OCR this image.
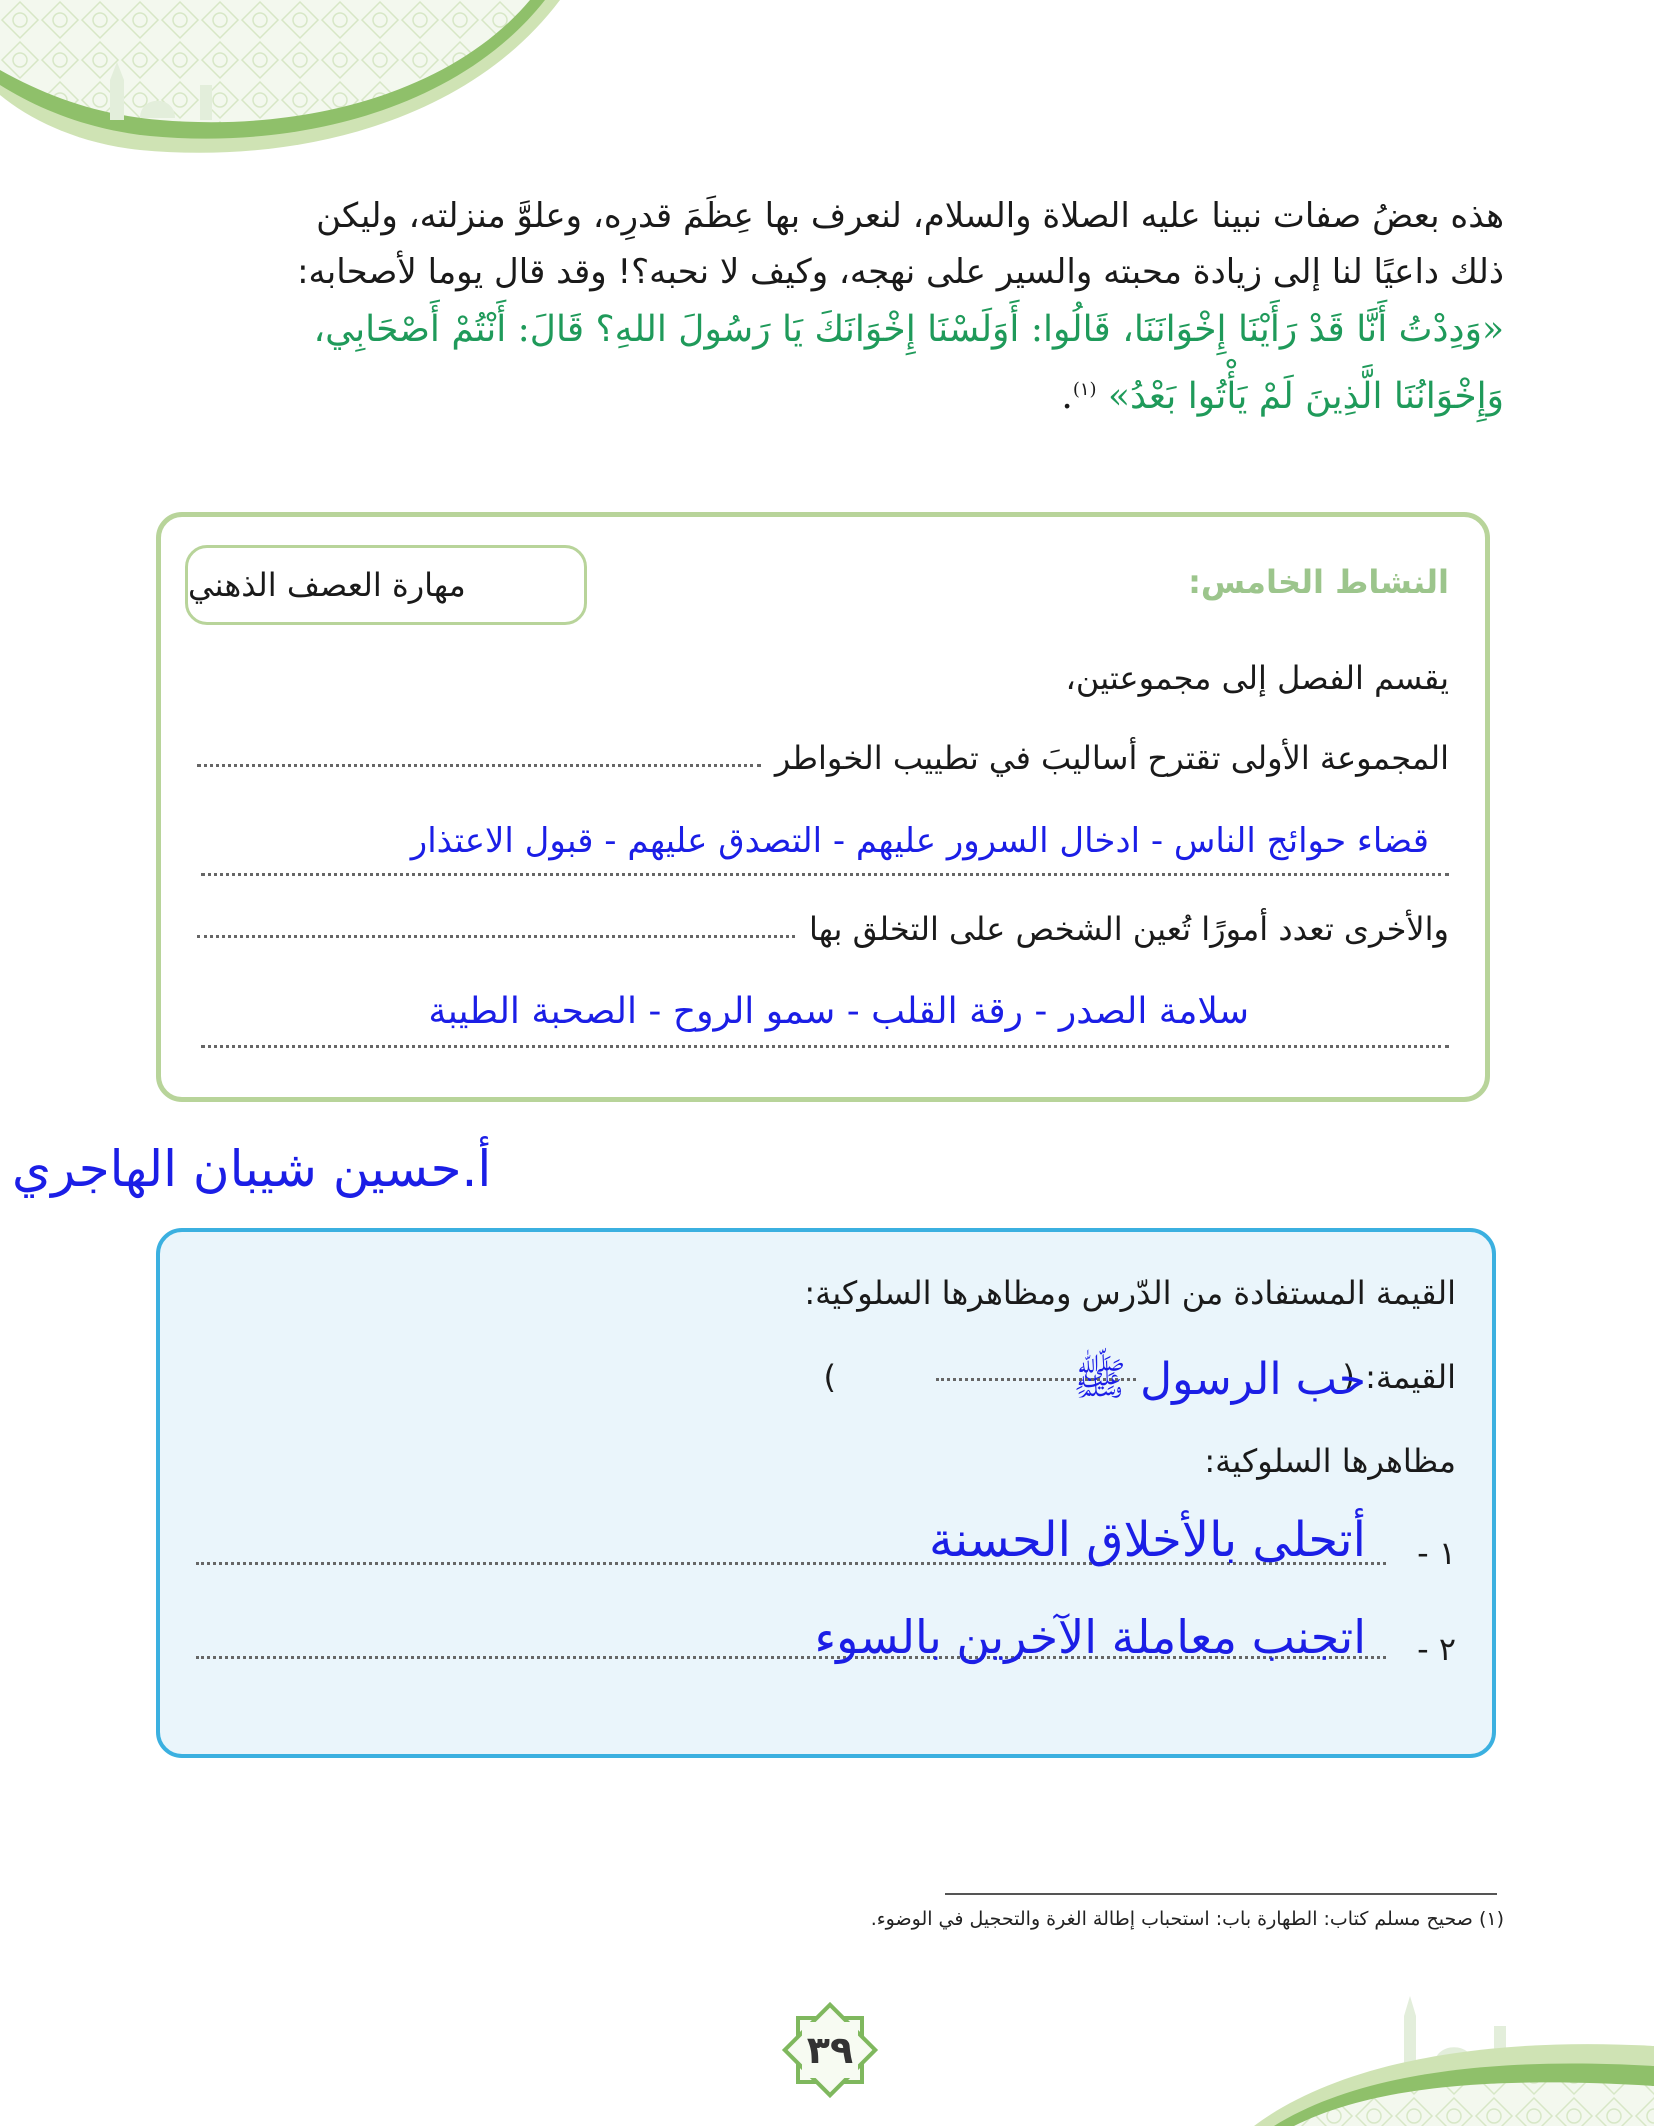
هذه بعضُ صفات نبينا عليه الصلاة والسلام، لنعرف بها عِظَمَ قدرِه، وعلوَّ منزلته، وليكن
ذلك داعيًا لنا إلى زيادة محبته والسير على نهجه، وكيف لا نحبه؟! وقد قال يوما لأصحابه:
«وَدِدْتُ أَنَّا قَدْ رَأَيْنَا إِخْوَانَنَا، قَالُوا: أَوَلَسْنَا إِخْوَانَكَ يَا رَسُولَ اللهِ؟ قَالَ: أَنْتُمْ أَصْحَابِي،
وَإِخْوَانُنَا الَّذِينَ لَمْ يَأْتُوا بَعْدُ» $^{(١)}$.
النشاط الخامس:
مهارة العصف الذهني
يقسم الفصل إلى مجموعتين،
المجموعة الأولى تقترح أساليبَ في تطييب الخواطر
قضاء حوائج الناس - ادخال السرور عليهم - التصدق عليهم - قبول الاعتذار
والأخرى تعدد أمورًا تُعين الشخص على التخلق بها
سلامة الصدر - رقة القلب - سمو الروح - الصحبة الطيبة
أ.حسين شيبان الهاجري
القيمة المستفادة من الدّرس ومظاهرها السلوكية:
القيمة: (
حب الرسول ﷺ
)
مظاهرها السلوكية:
١ -
أتحلى بالأخلاق الحسنة
٢ -
اتجنب معاملة الآخرين بالسوء
(١) صحيح مسلم كتاب: الطهارة باب: استحباب إطالة الغرة والتحجيل في الوضوء.
٣٩
